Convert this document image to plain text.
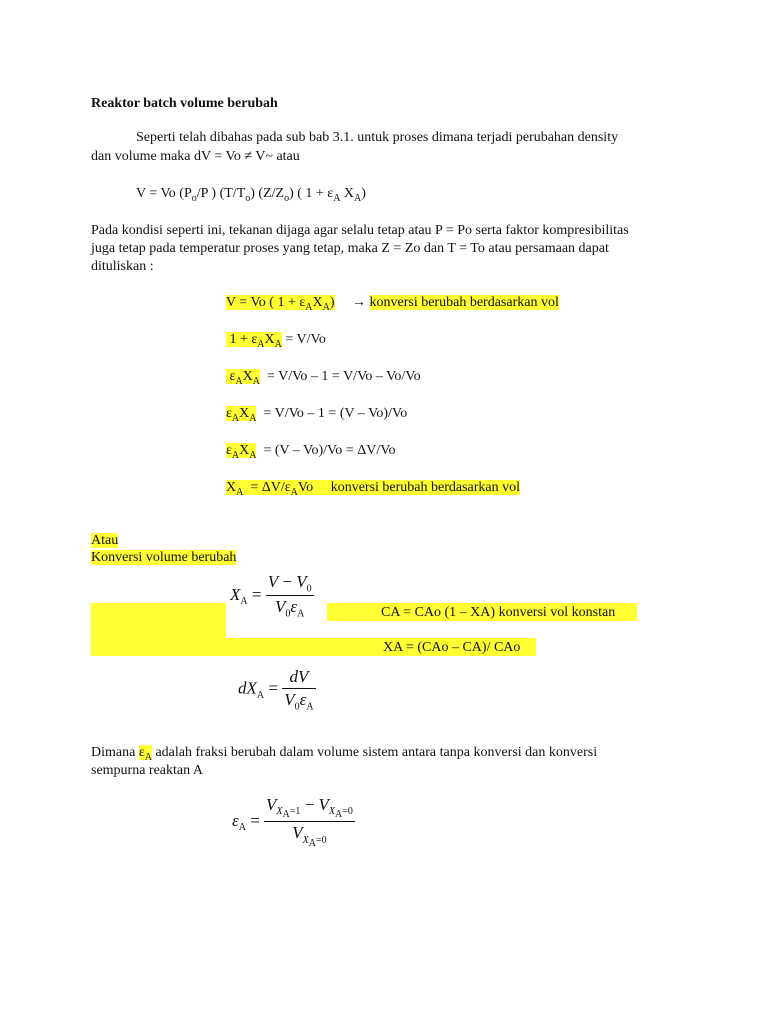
Reaktor batch volume berubah
Seperti telah dibahas pada sub bab 3.1. untuk proses dimana terjadi perubahan density
dan volume maka dV = Vo ≠ V~ atau
V = Vo ($P_o/P$ ) $(T/T_o)$ $(Z/Z_o)$ ( $1 + \varepsilon_A$ $X_A$)
Pada kondisi seperti ini, tekanan dijaga agar selalu tetap atau P = Po serta faktor kompresibilitas
juga tetap pada temperatur proses yang tetap, maka Z = Zo dan T = To atau persamaan dapat
dituliskan :
V = Vo ( $1 + \varepsilon_AX_A$) → konversi berubah berdasarkan vol
$1 + \varepsilon_AX_A = V/Vo$
$\varepsilon_AX_A = V/Vo - 1 = V/Vo - Vo/Vo$
$\varepsilon_AX_A = V/Vo - 1 = (V - Vo)/Vo$
$\varepsilon_AX_A = (V - Vo)/Vo = \Delta V/Vo$
$X_A = \Delta V/\varepsilon_AVo$     konversi berubah berdasarkan vol
Atau
Konversi volume berubah
$X_A = \frac{V - V_0}{V_0\varepsilon_A}$	CA = CAo (1 – XA) konversi vol konstan
XA = (CAo – CA)/ CAo
$dX_A = \frac{dV}{V_0\varepsilon_A}$
Dimana $\varepsilon_A$ adalah fraksi berubah dalam volume sistem antara tanpa konversi dan konversi
sempurna reaktan A
$\varepsilon_A = \frac{V_{X_A=1} - V_{X_A=0}}{V_{X_A=0}}$
